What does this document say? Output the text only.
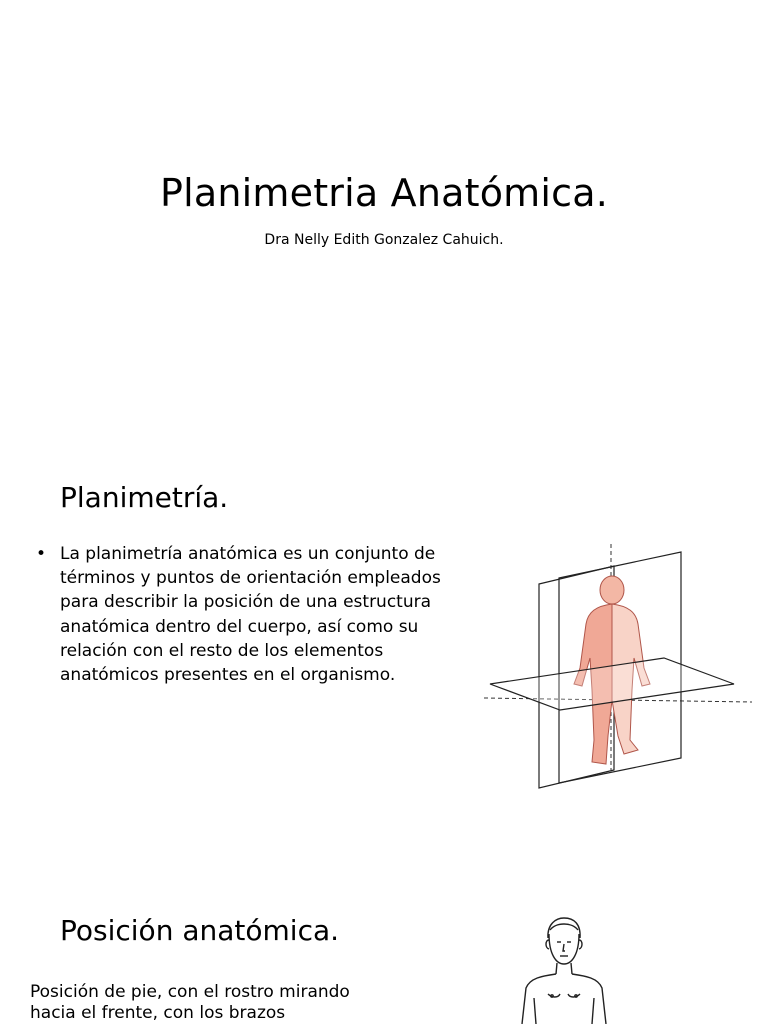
Planimetria Anatómica.
Dra Nelly Edith Gonzalez Cahuich.
Planimetría.
• La planimetría anatómica es un conjunto de términos y puntos de orientación empleados para describir la posición de una estructura anatómica dentro del cuerpo, así como su relación con el resto de los elementos anatómicos presentes en el organismo.
Posición anatómica.
Posición de pie, con el rostro mirando
hacia el frente, con los brazos
